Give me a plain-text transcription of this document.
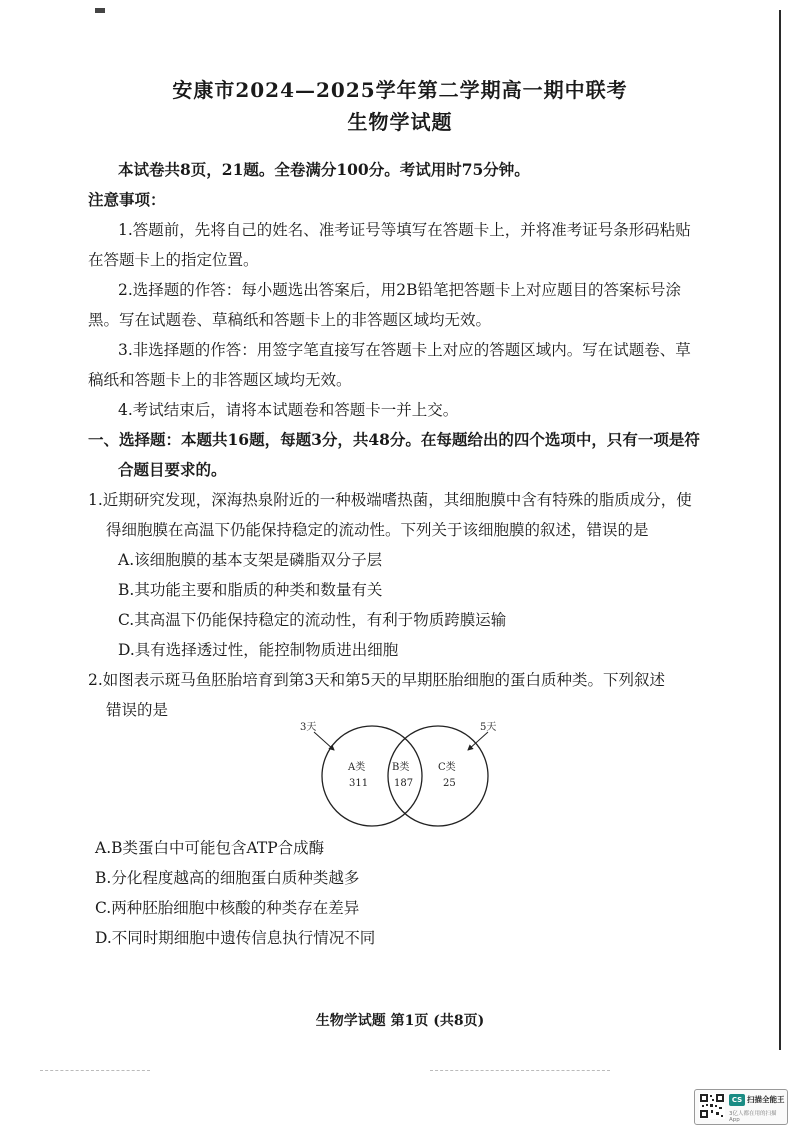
安康市2024—2025学年第二学期高一期中联考
生物学试题
本试卷共8页，21题。全卷满分100分。考试用时75分钟。
注意事项：
1.答题前，先将自己的姓名、准考证号等填写在答题卡上，并将准考证号条形码粘贴
在答题卡上的指定位置。
2.选择题的作答：每小题选出答案后，用2B铅笔把答题卡上对应题目的答案标号涂
黑。写在试题卷、草稿纸和答题卡上的非答题区域均无效。
3.非选择题的作答：用签字笔直接写在答题卡上对应的答题区域内。写在试题卷、草
稿纸和答题卡上的非答题区域均无效。
4.考试结束后，请将本试题卷和答题卡一并上交。
一、选择题：本题共16题，每题3分，共48分。在每题给出的四个选项中，只有一项是符
合题目要求的。
1.近期研究发现，深海热泉附近的一种极端嗜热菌，其细胞膜中含有特殊的脂质成分，使
得细胞膜在高温下仍能保持稳定的流动性。下列关于该细胞膜的叙述，错误的是
A.该细胞膜的基本支架是磷脂双分子层
B.其功能主要和脂质的种类和数量有关
C.其高温下仍能保持稳定的流动性，有利于物质跨膜运输
D.具有选择透过性，能控制物质进出细胞
2.如图表示斑马鱼胚胎培育到第3天和第5天的早期胚胎细胞的蛋白质种类。下列叙述
错误的是
3天	5天
A类
311
B类
187
C类
25
A.B类蛋白中可能包含ATP合成酶
B.分化程度越高的细胞蛋白质种类越多
C.两种胚胎细胞中核酸的种类存在差异
D.不同时期细胞中遗传信息执行情况不同
生物学试题 第1页 (共8页)
CS 扫描全能王
3亿人都在用的扫描App
